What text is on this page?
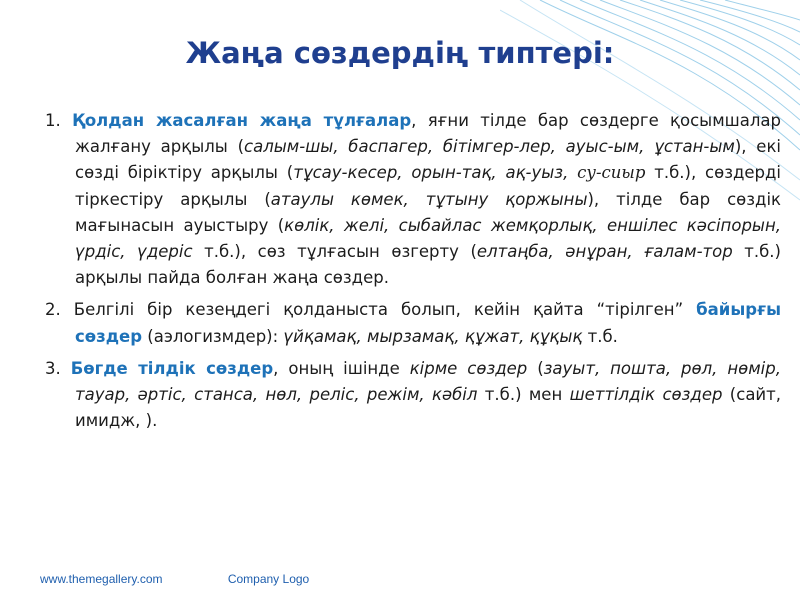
Жаңа сөздердің типтері:

1. Қолдан жасалған жаңа тұлғалар, яғни тілде бар сөздерге қосымшалар жалғану арқылы (салым-шы, баспагер, бітімгер-лер, ауыс-ым, ұстан-ым), екі сөзді біріктіру арқылы (тұсау-кесер, орын-тақ, ақ-уыз, су-сиыр т.б.), сөздерді тіркестіру арқылы (атаулы көмек, тұтыну қоржыны), тілде бар сөздік мағынасын ауыстыру (көлік, желі, сыбайлас жемқорлық, еншілес кәсіпорын, үрдіс, үдеріс т.б.), сөз тұлғасын өзгерту (елтаңба, әнұран, ғалам-тор т.б.) арқылы пайда болған жаңа сөздер.

2. Белгілі бір кезеңдегі қолданыста болып, кейін қайта “тірілген” байырғы сөздер (аэлогизмдер): үйқамақ, мырзамақ, құжат, құқық т.б.

3. Бөгде тілдік сөздер, оның ішінде кірме сөздер (зауыт, пошта, рөл, нөмір, тауар, әртіс, станса, нөл, реліс, режім, кәбіл т.б.) мен шеттілдік сөздер (сайт, имидж, ).

www.themegallery.com	Company Logo
